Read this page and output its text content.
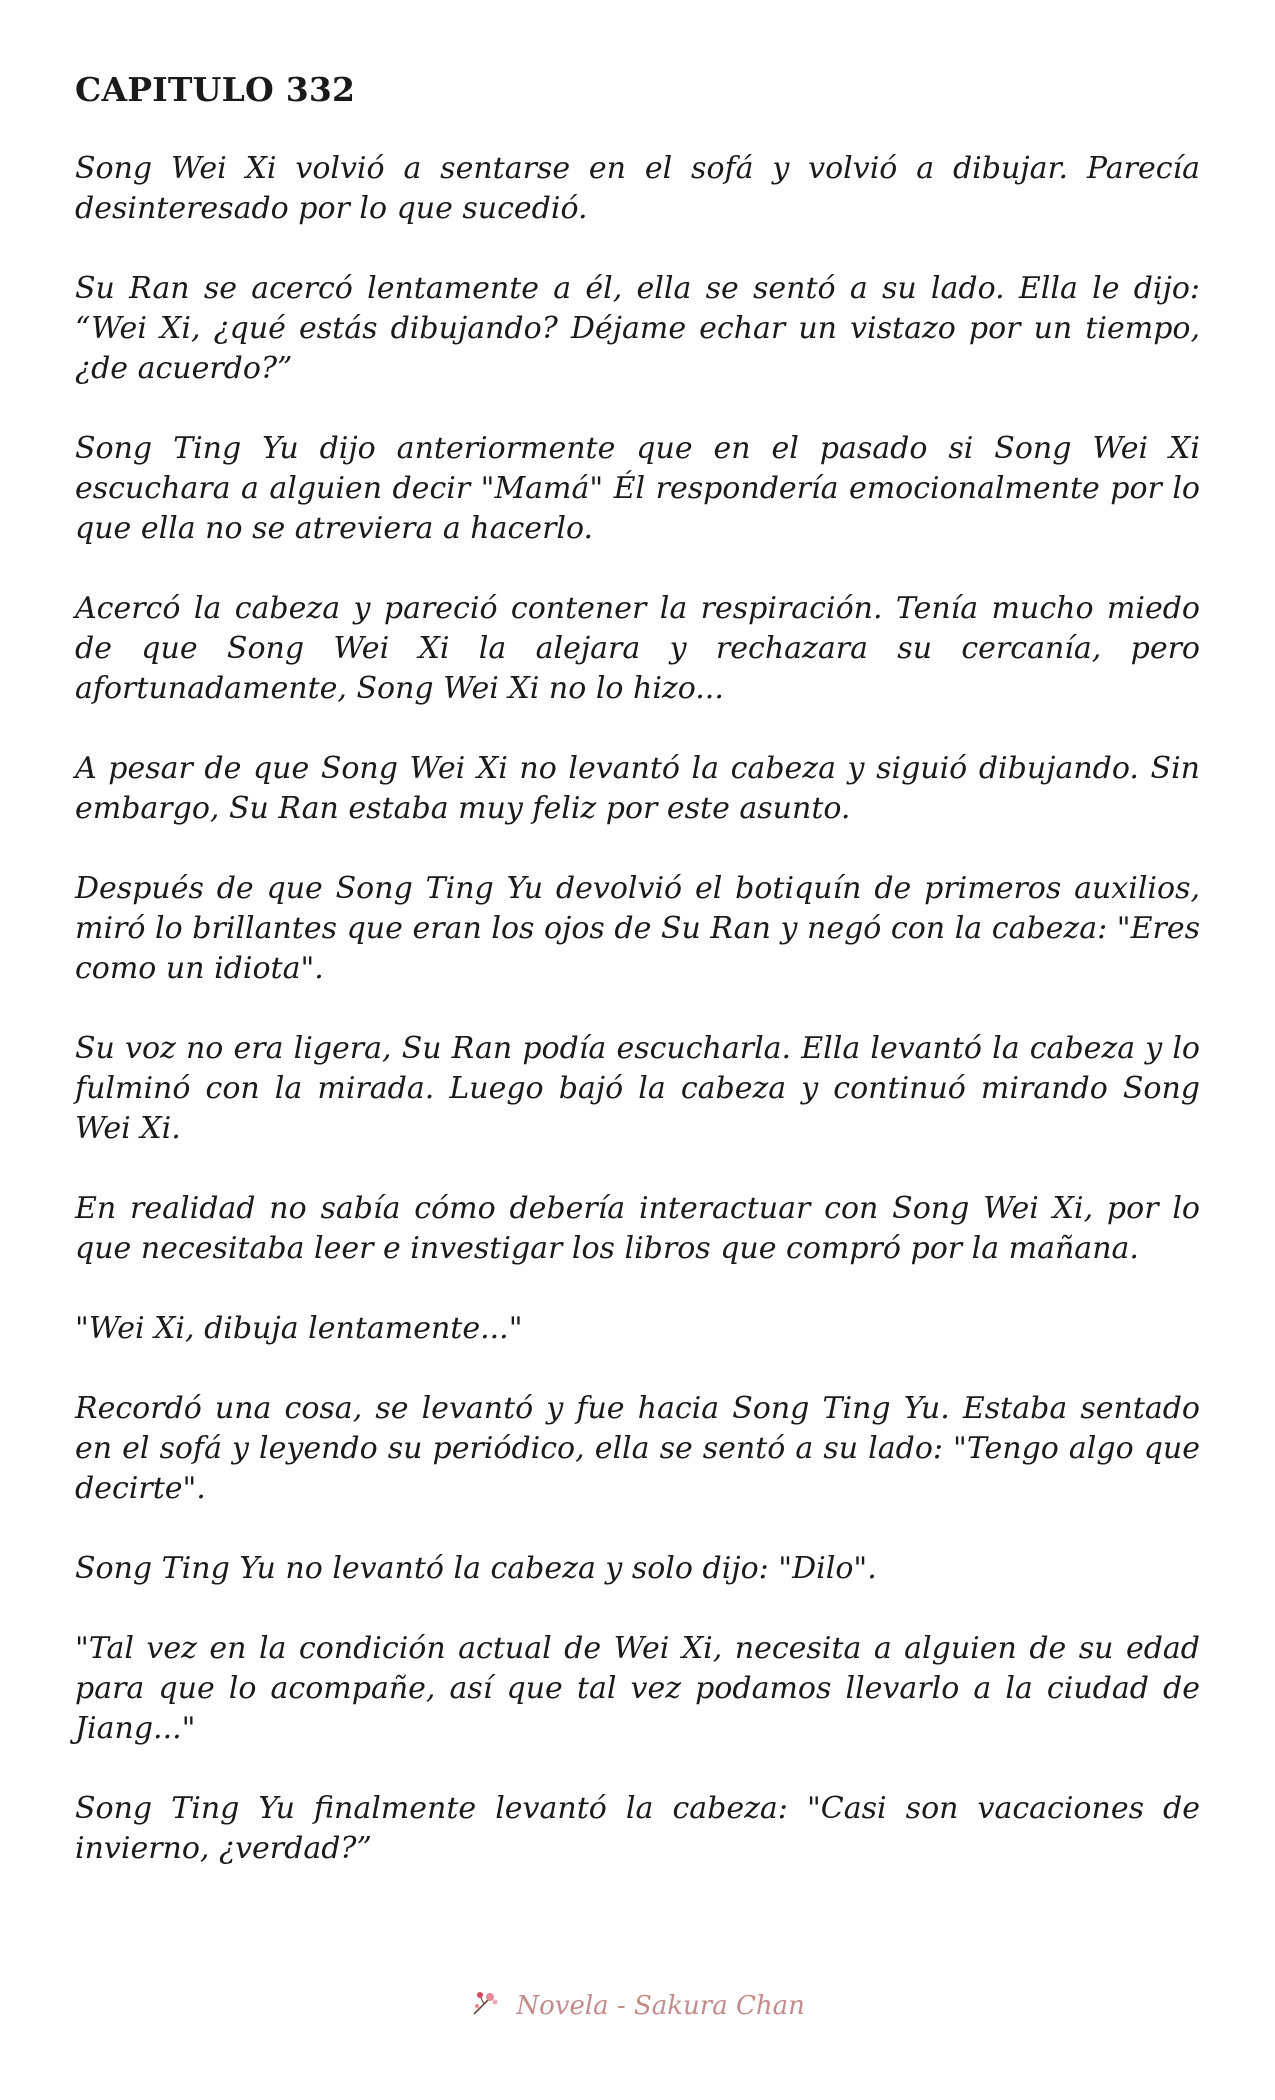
CAPITULO 332

Song Wei Xi volvió a sentarse en el sofá y volvió a dibujar. Parecía desinteresado por lo que sucedió.

Su Ran se acercó lentamente a él, ella se sentó a su lado. Ella le dijo: “Wei Xi, ¿qué estás dibujando? Déjame echar un vistazo por un tiempo, ¿de acuerdo?”

Song Ting Yu dijo anteriormente que en el pasado si Song Wei Xi escuchara a alguien decir "Mamá" Él respondería emocionalmente por lo que ella no se atreviera a hacerlo.

Acercó la cabeza y pareció contener la respiración. Tenía mucho miedo de que Song Wei Xi la alejara y rechazara su cercanía, pero afortunadamente, Song Wei Xi no lo hizo...

A pesar de que Song Wei Xi no levantó la cabeza y siguió dibujando. Sin embargo, Su Ran estaba muy feliz por este asunto.

Después de que Song Ting Yu devolvió el botiquín de primeros auxilios, miró lo brillantes que eran los ojos de Su Ran y negó con la cabeza: "Eres como un idiota".

Su voz no era ligera, Su Ran podía escucharla. Ella levantó la cabeza y lo fulminó con la mirada. Luego bajó la cabeza y continuó mirando Song Wei Xi.

En realidad no sabía cómo debería interactuar con Song Wei Xi, por lo que necesitaba leer e investigar los libros que compró por la mañana.

"Wei Xi, dibuja lentamente..."

Recordó una cosa, se levantó y fue hacia Song Ting Yu. Estaba sentado en el sofá y leyendo su periódico, ella se sentó a su lado: "Tengo algo que decirte".

Song Ting Yu no levantó la cabeza y solo dijo: "Dilo".

"Tal vez en la condición actual de Wei Xi, necesita a alguien de su edad para que lo acompañe, así que tal vez podamos llevarlo a la ciudad de Jiang..."

Song Ting Yu finalmente levantó la cabeza: "Casi son vacaciones de invierno, ¿verdad?”

Novela - Sakura Chan
